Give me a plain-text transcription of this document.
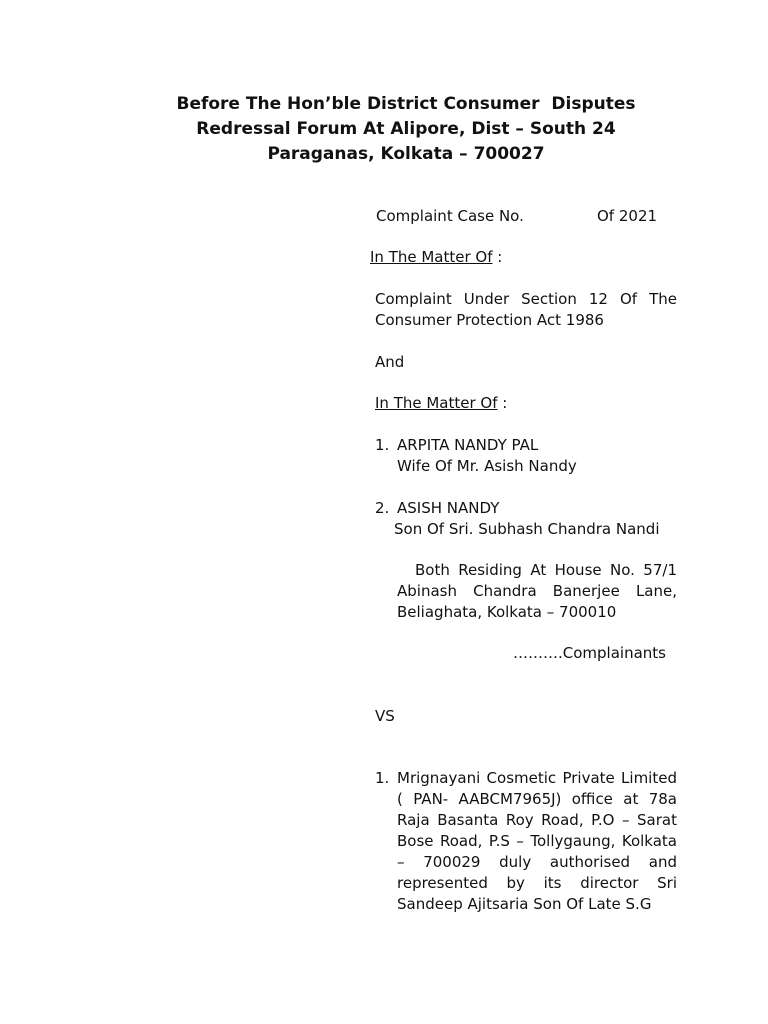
Before The Hon’ble District Consumer  Disputes
Redressal Forum At Alipore, Dist – South 24
Paraganas, Kolkata – 700027
Complaint Case No.	Of 2021
In The Matter Of :
Complaint Under Section 12 Of The Consumer Protection Act 1986
And
In The Matter Of :
1. ARPITA NANDY PAL
Wife Of Mr. Asish Nandy
2. ASISH NANDY
Son Of Sri. Subhash Chandra Nandi
Both Residing At House No. 57/1 Abinash Chandra Banerjee Lane, Beliaghata, Kolkata – 700010
……….Complainants
VS
1. Mrignayani Cosmetic Private Limited ( PAN- AABCM7965J) office at 78a Raja Basanta Roy Road, P.O – Sarat Bose Road, P.S – Tollygaung, Kolkata – 700029 duly authorised and represented by its director Sri Sandeep Ajitsaria Son Of Late S.G
